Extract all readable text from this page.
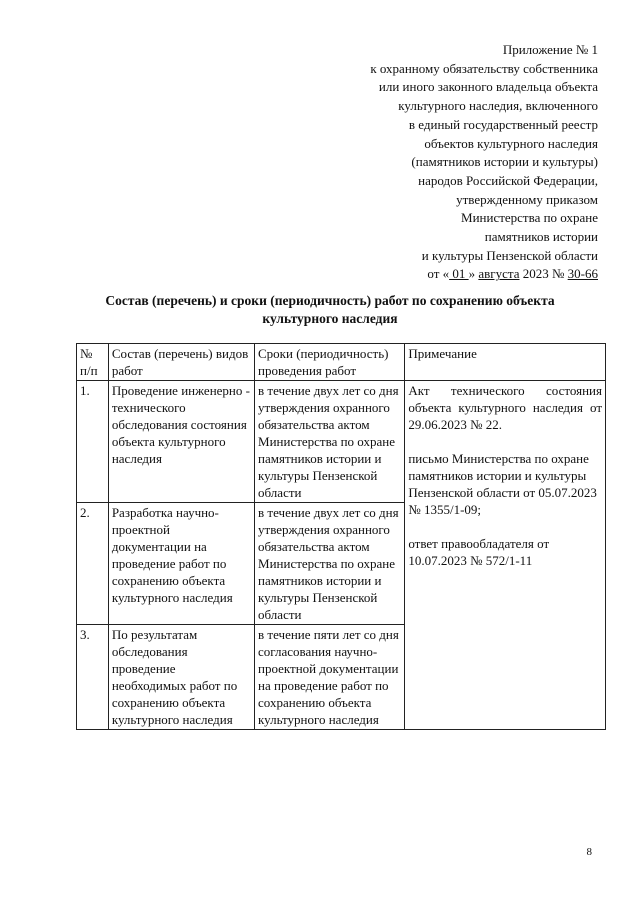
Приложение № 1
к охранному обязательству собственника
или иного законного владельца объекта
культурного наследия, включенного
в единый государственный реестр
объектов культурного наследия
(памятников истории и культуры)
народов Российской Федерации,
утвержденному приказом
Министерства по охране
памятников истории
и культуры Пензенской области
от « 01 » августа 2023 № 30-66
Состав (перечень) и сроки (периодичность) работ по сохранению объекта
культурного наследия
№ п/п	Состав (перечень) видов работ	Сроки (периодичность) проведения работ	Примечание
1.	Проведение инженерно - технического обследования состояния объекта культурного наследия	в течение двух лет со дня утверждения охранного обязательства актом Министерства по охране памятников истории и культуры Пензенской области	Акт технического состояния объекта культурного наследия от
29.06.2023 № 22.
письмо Министерства по охране памятников истории и культуры Пензенской области от 05.07.2023 № 1355/1-09;
ответ правообладателя от 10.07.2023 № 572/1-11

2.	Разработка научно-проектной документации на проведение работ по сохранению объекта культурного наследия	в течение двух лет со дня утверждения охранного обязательства актом Министерства по охране памятников истории и культуры Пензенской области	
3.	По результатам обследования проведение необходимых работ по сохранению объекта культурного наследия	в течение пяти лет со дня согласования научно-проектной документации на проведение работ по сохранению объекта культурного наследия	
8
